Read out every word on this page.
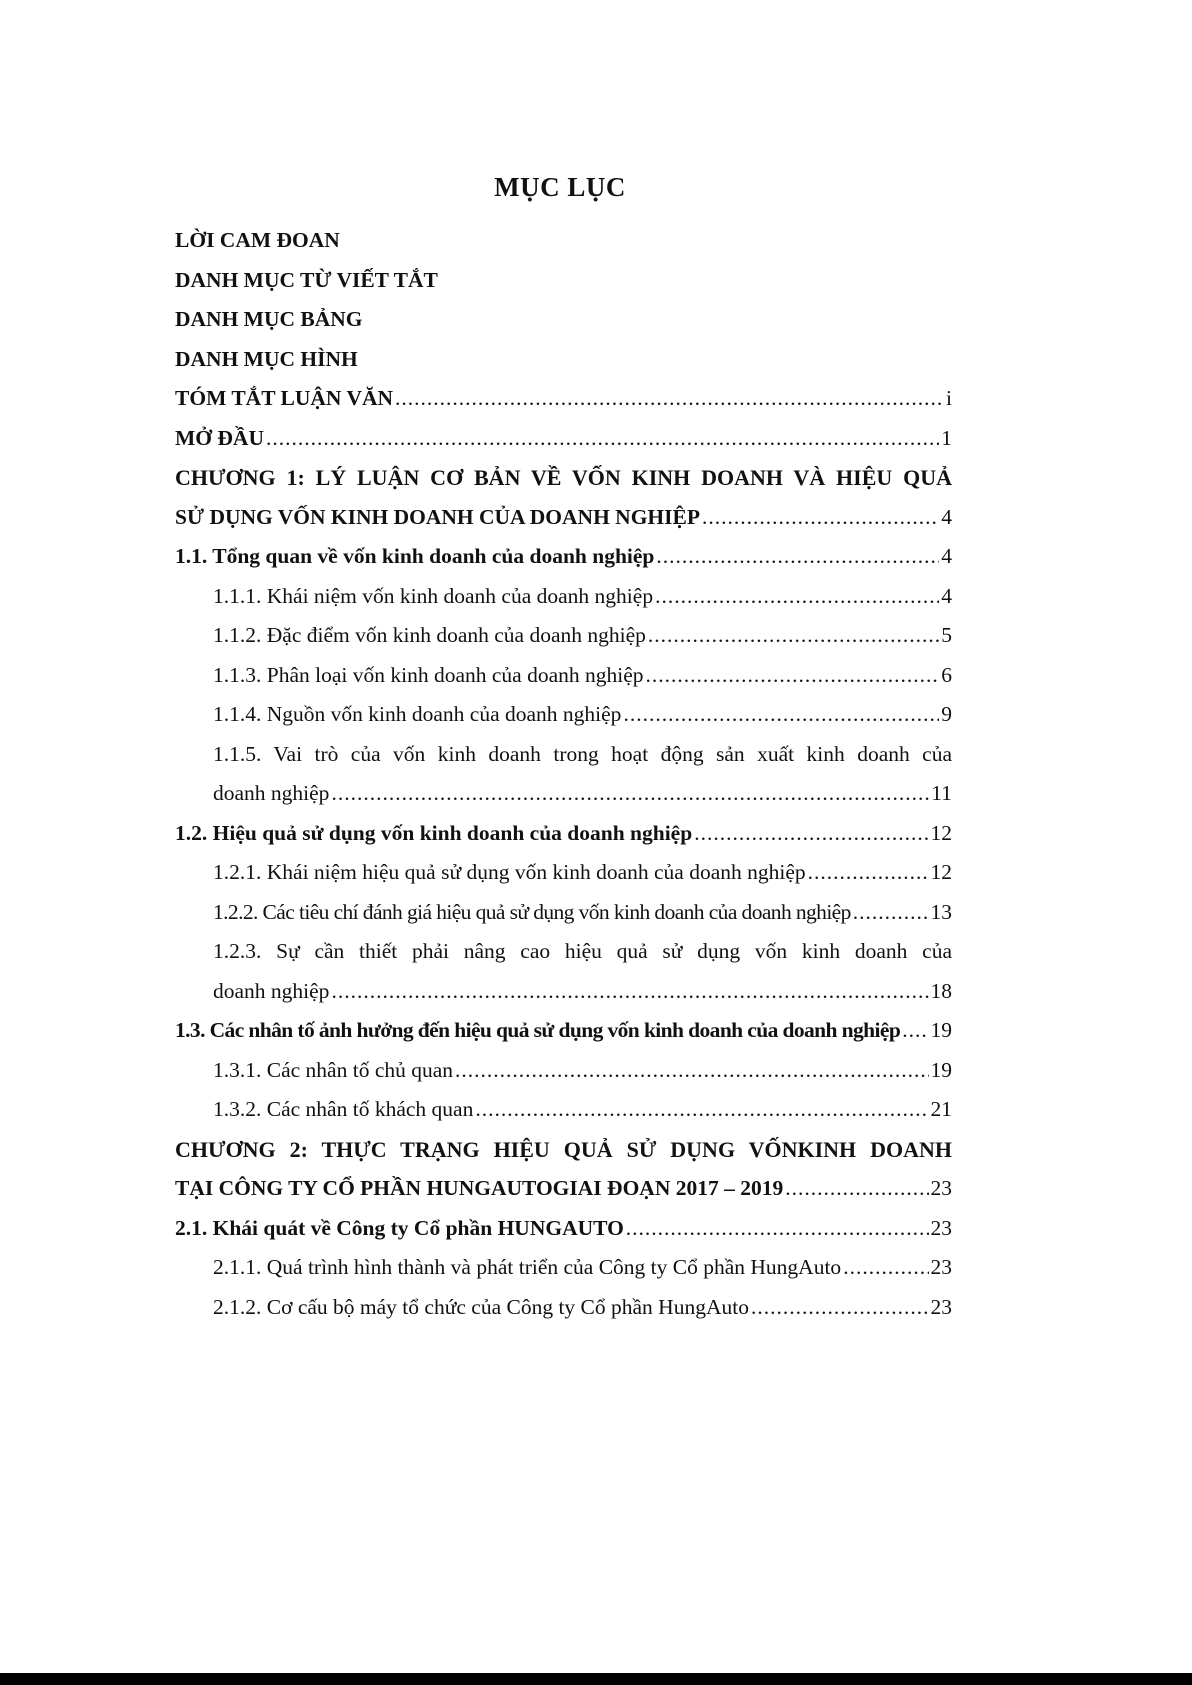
MỤC LỤC
LỜI CAM ĐOAN
DANH MỤC TỪ VIẾT TẮT
DANH MỤC BẢNG
DANH MỤC HÌNH
TÓM TẮT LUẬN VĂN .....	i
MỞ ĐẦU .....	1
CHƯƠNG 1: LÝ LUẬN CƠ BẢN VỀ VỐN KINH DOANH VÀ HIỆU QUẢ
SỬ DỤNG VỐN KINH DOANH CỦA DOANH NGHIỆP .....	4
1.1. Tổng quan về vốn kinh doanh của doanh nghiệp .....	4
1.1.1. Khái niệm vốn kinh doanh của doanh nghiệp .....	4
1.1.2. Đặc điểm vốn kinh doanh của doanh nghiệp .....	5
1.1.3. Phân loại vốn kinh doanh của doanh nghiệp .....	6
1.1.4. Nguồn vốn kinh doanh của doanh nghiệp .....	9
1.1.5. Vai trò của vốn kinh doanh trong hoạt động sản xuất kinh doanh của
doanh nghiệp .....	11
1.2. Hiệu quả sử dụng vốn kinh doanh của doanh nghiệp .....	12
1.2.1. Khái niệm hiệu quả sử dụng vốn kinh doanh của doanh nghiệp .....	12
1.2.2. Các tiêu chí đánh giá hiệu quả sử dụng vốn kinh doanh của doanh nghiệp .....	13
1.2.3. Sự cần thiết phải nâng cao hiệu quả sử dụng vốn kinh doanh của
doanh nghiệp .....	18
1.3. Các nhân tố ảnh hưởng đến hiệu quả sử dụng vốn kinh doanh của doanh nghiệp ..... 19
1.3.1. Các nhân tố chủ quan .....	19
1.3.2. Các nhân tố khách quan .....	21
CHƯƠNG 2: THỰC TRẠNG HIỆU QUẢ SỬ DỤNG VỐNKINH DOANH
TẠI CÔNG TY CỔ PHẦN HUNGAUTOGIAI ĐOẠN 2017 – 2019 .....	23
2.1. Khái quát về Công ty Cổ phần HUNGAUTO .....	23
2.1.1. Quá trình hình thành và phát triển của Công ty Cổ phần HungAuto .....	23
2.1.2. Cơ cấu bộ máy tổ chức của Công ty Cổ phần HungAuto .....	23
